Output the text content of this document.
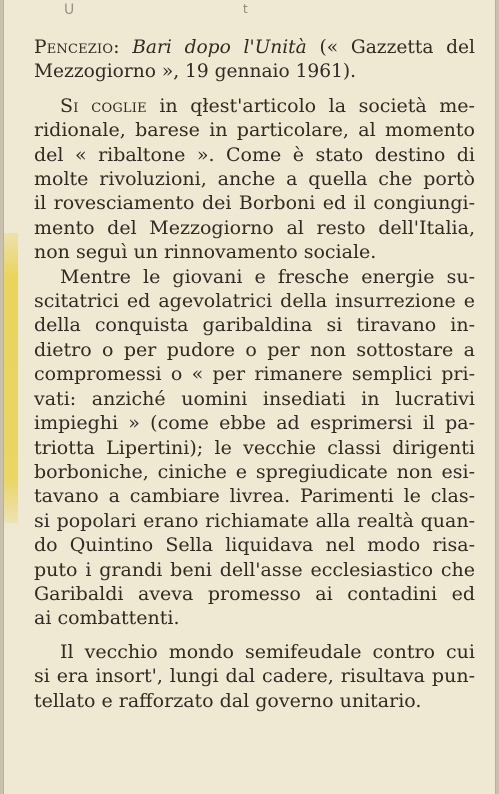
U	t
Pencezio: Bari dopo l'Unità (« Gazzetta del
Mezzogiorno », 19 gennaio 1961).
Si coglie in qłest'articolo la società me-
ridionale, barese in particolare, al momento
del « ribaltone ». Come è stato destino di
molte rivoluzioni, anche a quella che portò
il rovesciamento dei Borboni ed il congiungi-
mento del Mezzogiorno al resto dell'Italia,
non seguì un rinnovamento sociale.
Mentre le giovani e fresche energie su-
scitatrici ed agevolatrici della insurrezione e
della conquista garibaldina si tiravano in-
dietro o per pudore o per non sottostare a
compromessi o « per rimanere semplici pri-
vati: anziché uomini insediati in lucrativi
impieghi » (come ebbe ad esprimersi il pa-
triotta Lipertini); le vecchie classi dirigenti
borboniche, ciniche e spregiudicate non esi-
tavano a cambiare livrea. Parimenti le clas-
si popolari erano richiamate alla realtà quan-
do Quintino Sella liquidava nel modo risa-
puto i grandi beni dell'asse ecclesiastico che
Garibaldi aveva promesso ai contadini ed
ai combattenti.
Il vecchio mondo semifeudale contro cui
si era insort', lungi dal cadere, risultava pun-
tellato e rafforzato dal governo unitario.
